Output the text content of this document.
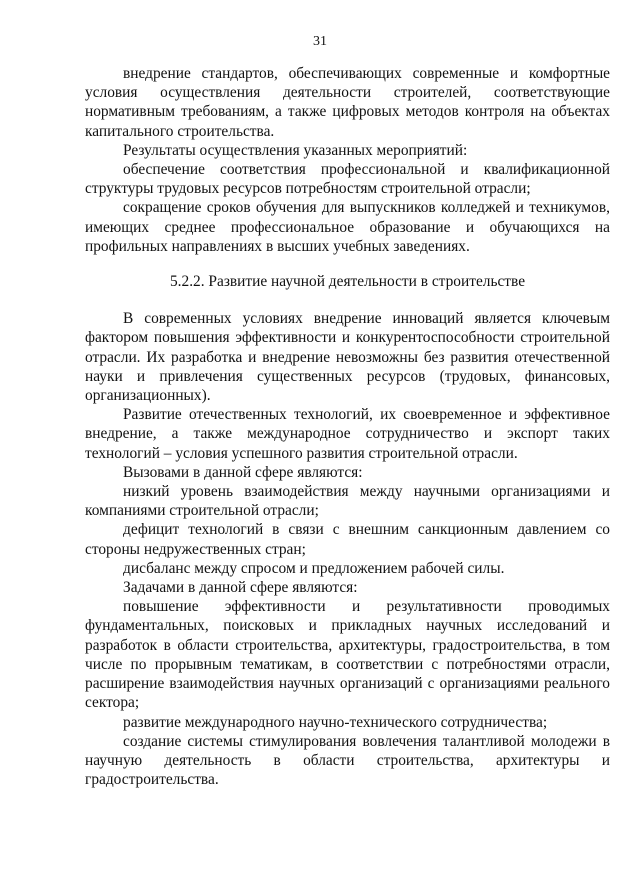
31

внедрение стандартов, обеспечивающих современные и комфортные условия осуществления деятельности строителей, соответствующие нормативным требованиям, а также цифровых методов контроля на объектах капитального строительства.

Результаты осуществления указанных мероприятий:

обеспечение соответствия профессиональной и квалификационной структуры трудовых ресурсов потребностям строительной отрасли;

сокращение сроков обучения для выпускников колледжей и техникумов, имеющих среднее профессиональное образование и обучающихся на профильных направлениях в высших учебных заведениях.

5.2.2. Развитие научной деятельности в строительстве

В современных условиях внедрение инноваций является ключевым фактором повышения эффективности и конкурентоспособности строительной отрасли. Их разработка и внедрение невозможны без развития отечественной науки и привлечения существенных ресурсов (трудовых, финансовых, организационных).

Развитие отечественных технологий, их своевременное и эффективное внедрение, а также международное сотрудничество и экспорт таких технологий – условия успешного развития строительной отрасли.

Вызовами в данной сфере являются:

низкий уровень взаимодействия между научными организациями и компаниями строительной отрасли;

дефицит технологий в связи с внешним санкционным давлением со стороны недружественных стран;

дисбаланс между спросом и предложением рабочей силы.

Задачами в данной сфере являются:

повышение эффективности и результативности проводимых фундаментальных, поисковых и прикладных научных исследований и разработок в области строительства, архитектуры, градостроительства, в том числе по прорывным тематикам, в соответствии с потребностями отрасли, расширение взаимодействия научных организаций с организациями реального сектора;

развитие международного научно-технического сотрудничества;

создание системы стимулирования вовлечения талантливой молодежи в научную деятельность в области строительства, архитектуры и градостроительства.
